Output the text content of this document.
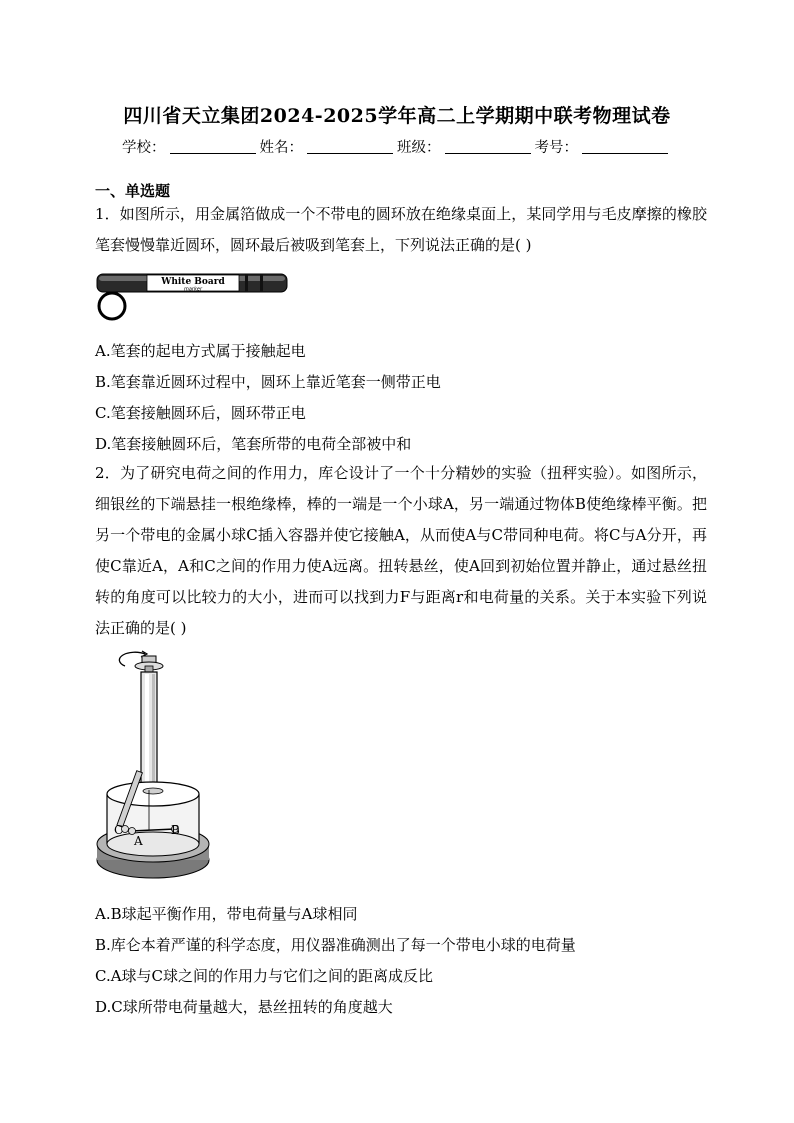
四川省天立集团2024-2025学年高二上学期期中联考物理试卷
学校：	姓名：	班级：	考号：
一、单选题
1．如图所示，用金属箔做成一个不带电的圆环放在绝缘桌面上，某同学用与毛皮摩擦的橡胶笔套慢慢靠近圆环，圆环最后被吸到笔套上，下列说法正确的是( )
White Board
marker
A.笔套的起电方式属于接触起电
B.笔套靠近圆环过程中，圆环上靠近笔套一侧带正电
C.笔套接触圆环后，圆环带正电
D.笔套接触圆环后，笔套所带的电荷全部被中和
2．为了研究电荷之间的作用力，库仑设计了一个十分精妙的实验（扭秤实验）。如图所示，细银丝的下端悬挂一根绝缘棒，棒的一端是一个小球A，另一端通过物体B使绝缘棒平衡。把另一个带电的金属小球C插入容器并使它接触A，从而使A与C带同种电荷。将C与A分开，再使C靠近A，A和C之间的作用力使A远离。扭转悬丝，使A回到初始位置并静止，通过悬丝扭转的角度可以比较力的大小，进而可以找到力F与距离r和电荷量的关系。关于本实验下列说法正确的是( )
C
A
B
A.B球起平衡作用，带电荷量与A球相同
B.库仑本着严谨的科学态度，用仪器准确测出了每一个带电小球的电荷量
C.A球与C球之间的作用力与它们之间的距离成反比
D.C球所带电荷量越大，悬丝扭转的角度越大
